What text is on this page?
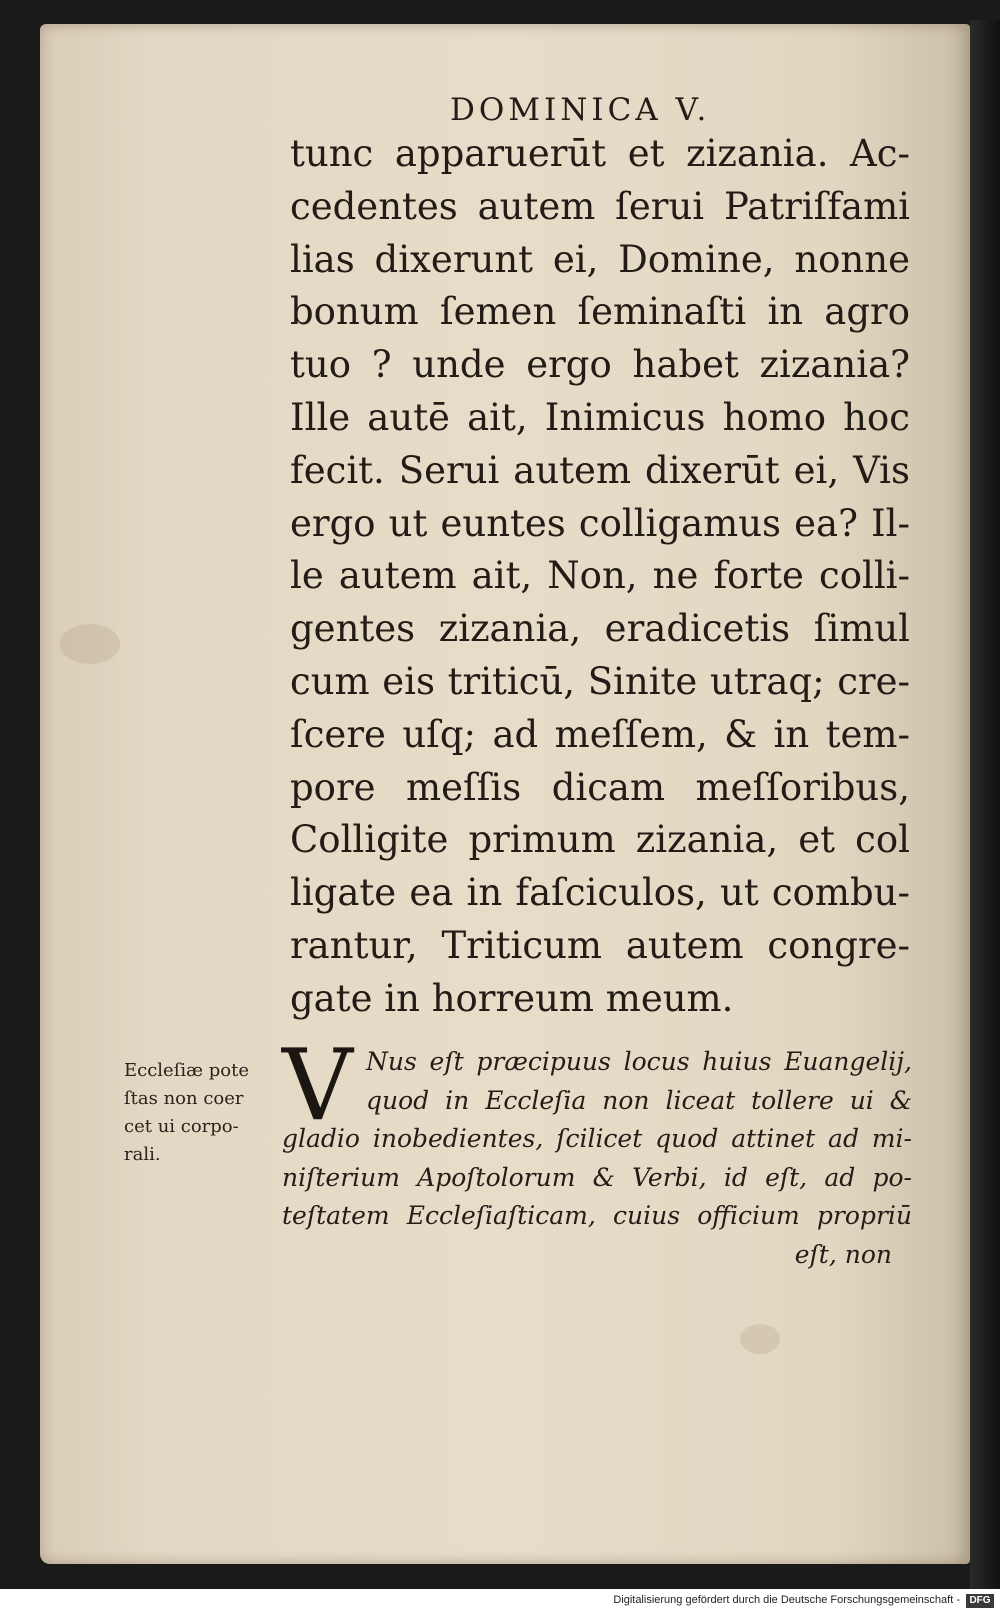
DOMINICA V.
tunc apparuerūt et zizania. Ac-
cedentes autem ſerui Patriſfami
lias dixerunt ei, Domine, nonne
bonum ſemen ſeminaſti in agro
tuo ? unde ergo habet zizania?
Ille autē ait, Inimicus homo hoc
fecit. Serui autem dixerūt ei, Vis
ergo ut euntes colligamus ea? Il-
le autem ait, Non, ne forte colli-
gentes zizania, eradicetis ſimul
cum eis triticū, Sinite utraq; cre-
ſcere uſq; ad meſſem, & in tem-
pore meſſis dicam meſſoribus,
Colligite primum zizania, et col
ligate ea in faſciculos, ut combu-
rantur, Triticum autem congre-
gate in horreum meum.
Eccleſiæ pote
ſtas non coer
cet ui corpo-
rali.
V Nus eſt præcipuus locus huius Euangelij,
quod in Eccleſia non liceat tollere ui &
gladio inobedientes, ſcilicet quod attinet ad mi-
niſterium Apoſtolorum & Verbi, id eſt, ad po-
teſtatem Eccleſiaſticam, cuius officium propriū
eſt, non
Digitalisierung gefördert durch die Deutsche Forschungsgemeinschaft - DFG
